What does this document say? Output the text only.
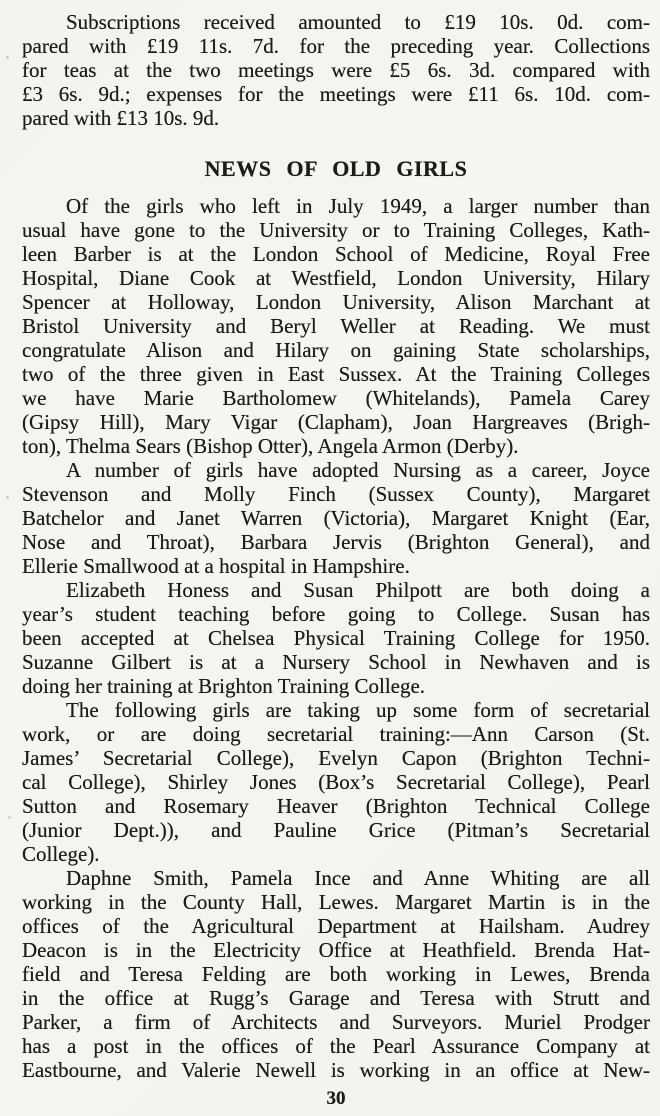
Subscriptions received amounted to £19 10s. 0d. com-
pared with £19 11s. 7d. for the preceding year. Collections
for teas at the two meetings were £5 6s. 3d. compared with
£3 6s. 9d.; expenses for the meetings were £11 6s. 10d. com-
pared with £13 10s. 9d.
NEWS OF OLD GIRLS
Of the girls who left in July 1949, a larger number than
usual have gone to the University or to Training Colleges, Kath-
leen Barber is at the London School of Medicine, Royal Free
Hospital, Diane Cook at Westfield, London University, Hilary
Spencer at Holloway, London University, Alison Marchant at
Bristol University and Beryl Weller at Reading. We must
congratulate Alison and Hilary on gaining State scholarships,
two of the three given in East Sussex. At the Training Colleges
we have Marie Bartholomew (Whitelands), Pamela Carey
(Gipsy Hill), Mary Vigar (Clapham), Joan Hargreaves (Brigh-
ton), Thelma Sears (Bishop Otter), Angela Armon (Derby).
A number of girls have adopted Nursing as a career, Joyce
Stevenson and Molly Finch (Sussex County), Margaret
Batchelor and Janet Warren (Victoria), Margaret Knight (Ear,
Nose and Throat), Barbara Jervis (Brighton General), and
Ellerie Smallwood at a hospital in Hampshire.
Elizabeth Honess and Susan Philpott are both doing a
year’s student teaching before going to College. Susan has
been accepted at Chelsea Physical Training College for 1950.
Suzanne Gilbert is at a Nursery School in Newhaven and is
doing her training at Brighton Training College.
The following girls are taking up some form of secretarial
work, or are doing secretarial training:—Ann Carson (St.
James’ Secretarial College), Evelyn Capon (Brighton Techni-
cal College), Shirley Jones (Box’s Secretarial College), Pearl
Sutton and Rosemary Heaver (Brighton Technical College
(Junior Dept.)), and Pauline Grice (Pitman’s Secretarial
College).
Daphne Smith, Pamela Ince and Anne Whiting are all
working in the County Hall, Lewes. Margaret Martin is in the
offices of the Agricultural Department at Hailsham. Audrey
Deacon is in the Electricity Office at Heathfield. Brenda Hat-
field and Teresa Felding are both working in Lewes, Brenda
in the office at Rugg’s Garage and Teresa with Strutt and
Parker, a firm of Architects and Surveyors. Muriel Prodger
has a post in the offices of the Pearl Assurance Company at
Eastbourne, and Valerie Newell is working in an office at New-
30
